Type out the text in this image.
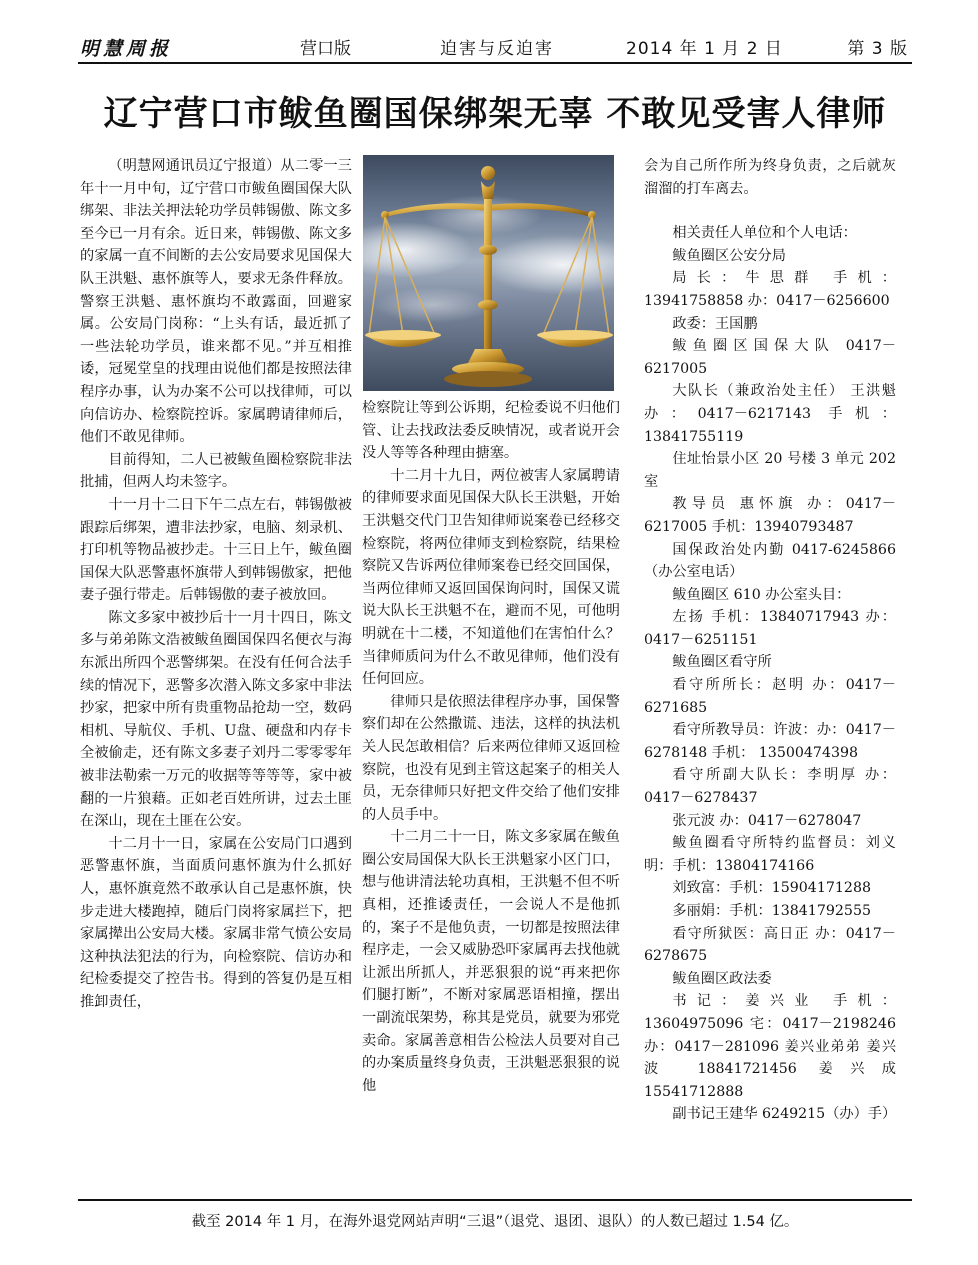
明慧周报	营口版	迫害与反迫害	2014 年 1 月 2 日	第 3 版
辽宁营口市鲅鱼圈国保绑架无辜 不敢见受害人律师

（明慧网通讯员辽宁报道）从二零一三年十一月中旬，辽宁营口市鲅鱼圈国保大队绑架、非法关押法轮功学员韩锡傲、陈文多至今已一月有余。近日来，韩锡傲、陈文多的家属一直不间断的去公安局要求见国保大队王洪魁、惠怀旗等人，要求无条件释放。警察王洪魁、惠怀旗均不敢露面，回避家属。公安局门岗称：“上头有话，最近抓了一些法轮功学员，谁来都不见。”并互相推诿，冠冕堂皇的找理由说他们都是按照法律程序办事，认为办案不公可以找律师，可以向信访办、检察院控诉。家属聘请律师后，他们不敢见律师。

目前得知，二人已被鲅鱼圈检察院非法批捕，但两人均未签字。

十一月十二日下午二点左右，韩锡傲被跟踪后绑架，遭非法抄家，电脑、刻录机、打印机等物品被抄走。十三日上午，鲅鱼圈国保大队恶警惠怀旗带人到韩锡傲家，把他妻子强行带走。后韩锡傲的妻子被放回。

陈文多家中被抄后十一月十四日，陈文多与弟弟陈文浩被鲅鱼圈国保四名便衣与海东派出所四个恶警绑架。在没有任何合法手续的情况下，恶警多次潜入陈文多家中非法抄家，把家中所有贵重物品抢劫一空，数码相机、导航仪、手机、U盘、硬盘和内存卡全被偷走，还有陈文多妻子刘丹二零零零年被非法勒索一万元的收据等等等等，家中被翻的一片狼藉。正如老百姓所讲，过去土匪在深山，现在土匪在公安。

十二月十一日，家属在公安局门口遇到恶警惠怀旗，当面质问惠怀旗为什么抓好人，惠怀旗竟然不敢承认自己是惠怀旗，快步走进大楼跑掉，随后门岗将家属拦下，把家属撵出公安局大楼。家属非常气愤公安局这种执法犯法的行为，向检察院、信访办和纪检委提交了控告书。得到的答复仍是互相推卸责任，

检察院让等到公诉期，纪检委说不归他们管、让去找政法委反映情况，或者说开会没人等等各种理由搪塞。

十二月十九日，两位被害人家属聘请的律师要求面见国保大队长王洪魁，开始王洪魁交代门卫告知律师说案卷已经移交检察院，将两位律师支到检察院，结果检察院又告诉两位律师案卷已经交回国保，当两位律师又返回国保询问时，国保又谎说大队长王洪魁不在，避而不见，可他明明就在十二楼，不知道他们在害怕什么？当律师质问为什么不敢见律师，他们没有任何回应。

律师只是依照法律程序办事，国保警察们却在公然撒谎、违法，这样的执法机关人民怎敢相信？后来两位律师又返回检察院，也没有见到主管这起案子的相关人员，无奈律师只好把文件交给了他们安排的人员手中。

十二月二十一日，陈文多家属在鲅鱼圈公安局国保大队长王洪魁家小区门口，想与他讲清法轮功真相，王洪魁不但不听真相，还推诿责任，一会说人不是他抓的，案子不是他负责，一切都是按照法律程序走，一会又威胁恐吓家属再去找他就让派出所抓人，并恶狠狠的说“再来把你们腿打断”，不断对家属恶语相撞，摆出一副流氓架势，称其是党员，就要为邪党卖命。家属善意相告公检法人员要对自己的办案质量终身负责，王洪魁恶狠狠的说他

会为自己所作所为终身负责，之后就灰溜溜的打车离去。

相关责任人单位和个人电话：

鲅鱼圈区公安分局

局长：牛思群 手机：13941758858 办：0417－6256600

政委：王国鹏

鲅鱼圈区国保大队 0417－6217005

大队长（兼政治处主任） 王洪魁 办：0417－6217143 手机：13841755119

住址怡景小区 20 号楼 3 单元 202 室

教导员 惠怀旗 办：0417－6217005 手机：13940793487

国保政治处内勤 0417-6245866（办公室电话）

鲅鱼圈区 610 办公室头目：

左扬 手机：13840717943 办：0417－6251151

鲅鱼圈区看守所

看守所所长：赵明 办：0417－6271685

看守所教导员：许波：办：0417－6278148 手机： 13500474398

看守所副大队长：李明厚 办：0417－6278437

张元波 办：0417－6278047

鲅鱼圈看守所特约监督员：刘义明：手机：13804174166

刘致富：手机：15904171288

多丽娟：手机：13841792555

看守所狱医：高日正 办：0417－6278675

鲅鱼圈区政法委

书记：姜兴业 手机：13604975096 宅：0417－2198246 办：0417－281096 姜兴业弟弟 姜兴波 18841721456 姜兴成 15541712888

副书记王建华 6249215（办）手）

截至 2014 年 1 月，在海外退党网站声明“三退”（退党、退团、退队）的人数已超过 1.54 亿。
